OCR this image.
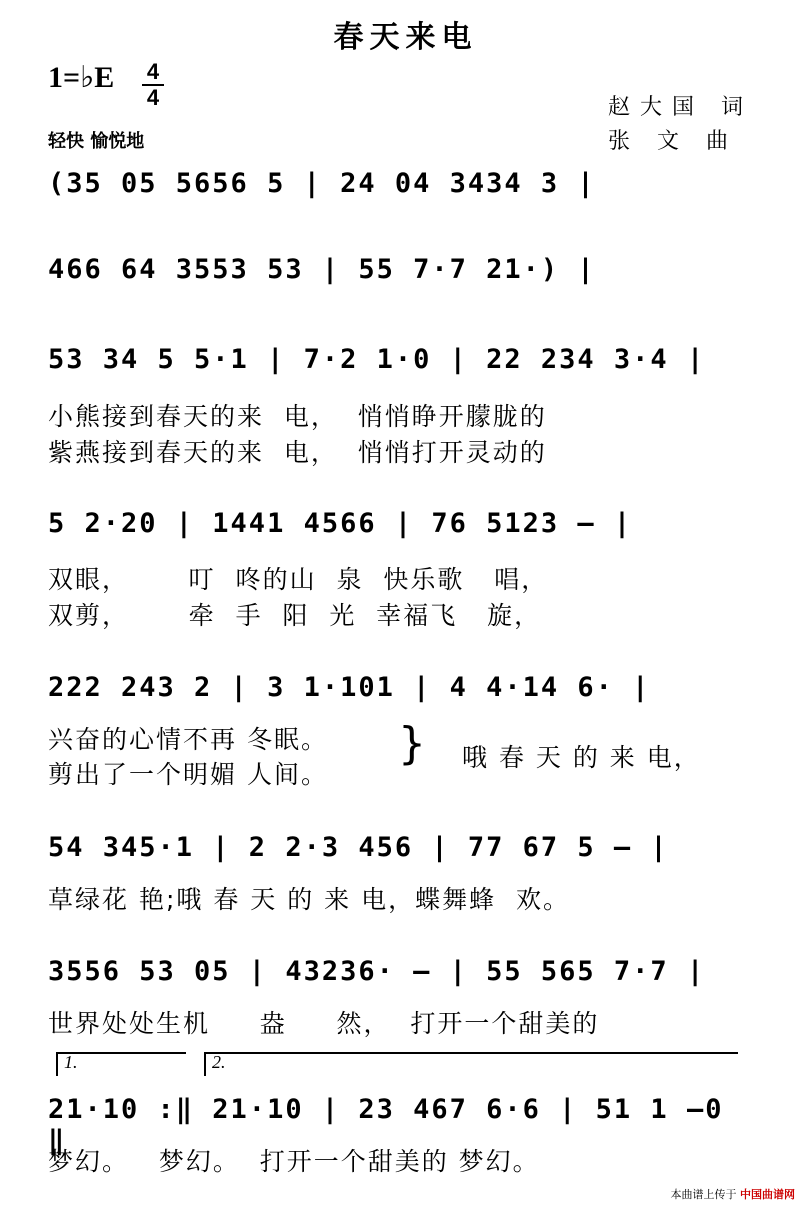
春天来电
1=♭E	4
4	赵大国 词
张 文 曲
轻快 愉悦地
(35 05 5656 5 | 24 04 3434 3 |
466 64 3553 53 | 55 7·7 21·) |
53 34 5 5·1 | 7·2 1·0 | 22 234 3·4 |
小熊接到春天的来  电，  悄悄睁开朦胧的
紫燕接到春天的来  电，  悄悄打开灵动的
5 2·20 | 1441 4566 | 76 5123 – |
双眼，      叮  咚的山  泉  快乐歌   唱，
双剪，      牵  手  阳  光  幸福飞   旋，
222 243 2 | 3 1·101 | 4 4·14 6· |
兴奋的心情不再 冬眠。
剪出了一个明媚 人间。
} 哦 春 天 的 来 电，
54 345·1 | 2 2·3 456 | 77 67 5 – |
草绿花 艳;哦 春 天 的 来 电，蝶舞蜂  欢。
3556 53 05 | 43236· – | 55 565 7·7 |
世界处处生机     盎     然，  打开一个甜美的
1.	2.
21·10 :‖ 21·10 | 23 467 6·6 | 51 1 –0 ‖
梦幻。   梦幻。  打开一个甜美的 梦幻。
本曲谱上传于 中国曲谱网
